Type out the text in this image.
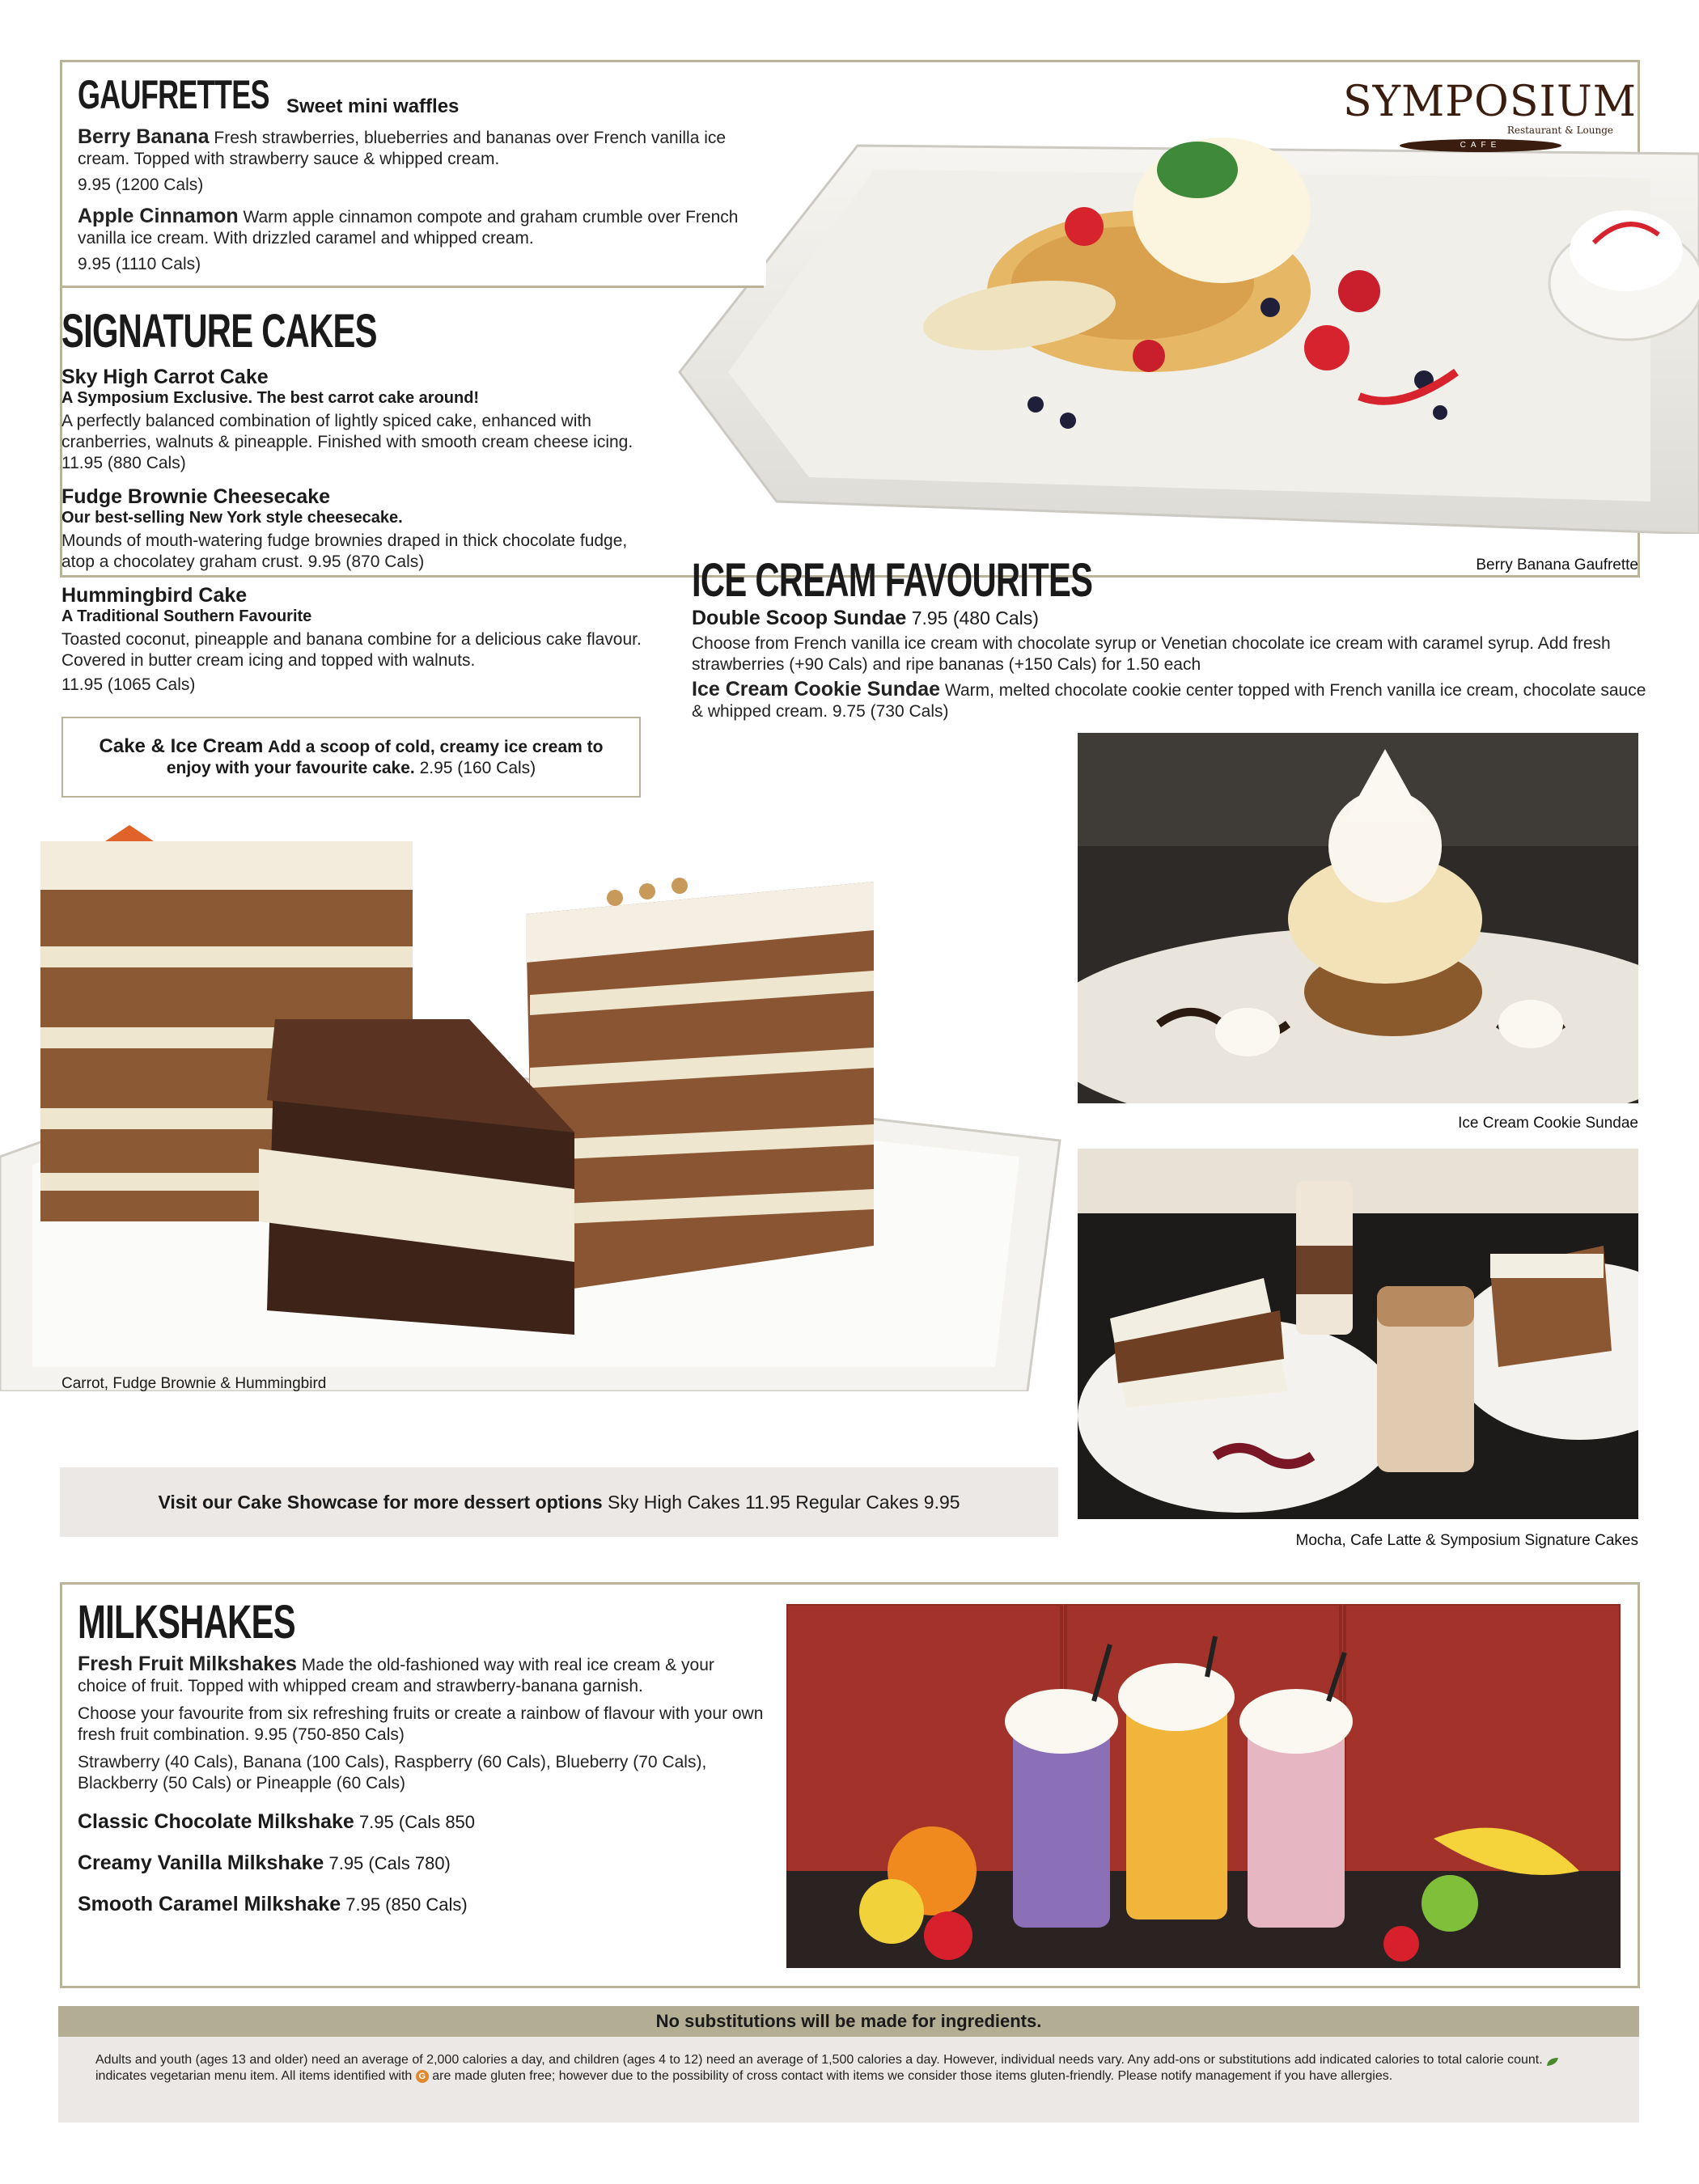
GAUFRETTES Sweet mini waffles

Berry Banana Fresh strawberries, blueberries and bananas over French vanilla ice cream. Topped with strawberry sauce & whipped cream.

9.95 (1200 Cals)

Apple Cinnamon Warm apple cinnamon compote and graham crumble over French vanilla ice cream. With drizzled caramel and whipped cream.

9.95 (1110 Cals)

SYMPOSIUM
Restaurant & Lounge
CAFE
Berry Banana Gaufrette
SIGNATURE CAKES
Sky High Carrot Cake
A Symposium Exclusive. The best carrot cake around!

A perfectly balanced combination of lightly spiced cake, enhanced with cranberries, walnuts & pineapple. Finished with smooth cream cheese icing. 11.95 (880 Cals)

Fudge Brownie Cheesecake
Our best-selling New York style cheesecake.

Mounds of mouth-watering fudge brownies draped in thick chocolate fudge, atop a chocolatey graham crust. 9.95 (870 Cals)

Hummingbird Cake
A Traditional Southern Favourite

Toasted coconut, pineapple and banana combine for a delicious cake flavour. Covered in butter cream icing and topped with walnuts.

11.95 (1065 Cals)

Cake & Ice Cream Add a scoop of cold, creamy ice cream to enjoy with your favourite cake. 2.95 (160 Cals)

Carrot, Fudge Brownie & Hummingbird
Visit our Cake Showcase for more dessert options Sky High Cakes 11.95 Regular Cakes 9.95
ICE CREAM FAVOURITES

Double Scoop Sundae 7.95 (480 Cals)

Choose from French vanilla ice cream with chocolate syrup or Venetian chocolate ice cream with caramel syrup. Add fresh strawberries (+90 Cals) and ripe bananas (+150 Cals) for 1.50 each

Ice Cream Cookie Sundae Warm, melted chocolate cookie center topped with French vanilla ice cream, chocolate sauce & whipped cream. 9.75 (730 Cals)

Ice Cream Cookie Sundae
Mocha, Cafe Latte & Symposium Signature Cakes
MILKSHAKES

Fresh Fruit Milkshakes Made the old-fashioned way with real ice cream & your choice of fruit. Topped with whipped cream and strawberry-banana garnish.

Choose your favourite from six refreshing fruits or create a rainbow of flavour with your own fresh fruit combination. 9.95 (750-850 Cals)

Strawberry (40 Cals), Banana (100 Cals), Raspberry (60 Cals), Blueberry (70 Cals), Blackberry (50 Cals) or Pineapple (60 Cals)

Classic Chocolate Milkshake 7.95 (Cals 850

Creamy Vanilla Milkshake 7.95 (Cals 780)

Smooth Caramel Milkshake 7.95 (850 Cals)

No substitutions will be made for ingredients.

Adults and youth (ages 13 and older) need an average of 2,000 calories a day, and children (ages 4 to 12) need an average of 1,500 calories a day. However, individual needs vary. Any add-ons or substitutions add indicated calories to total calorie count.  indicates vegetarian menu item. All items identified with G are made gluten free; however due to the possibility of cross contact with items we consider those items gluten-friendly. Please notify management if you have allergies.
